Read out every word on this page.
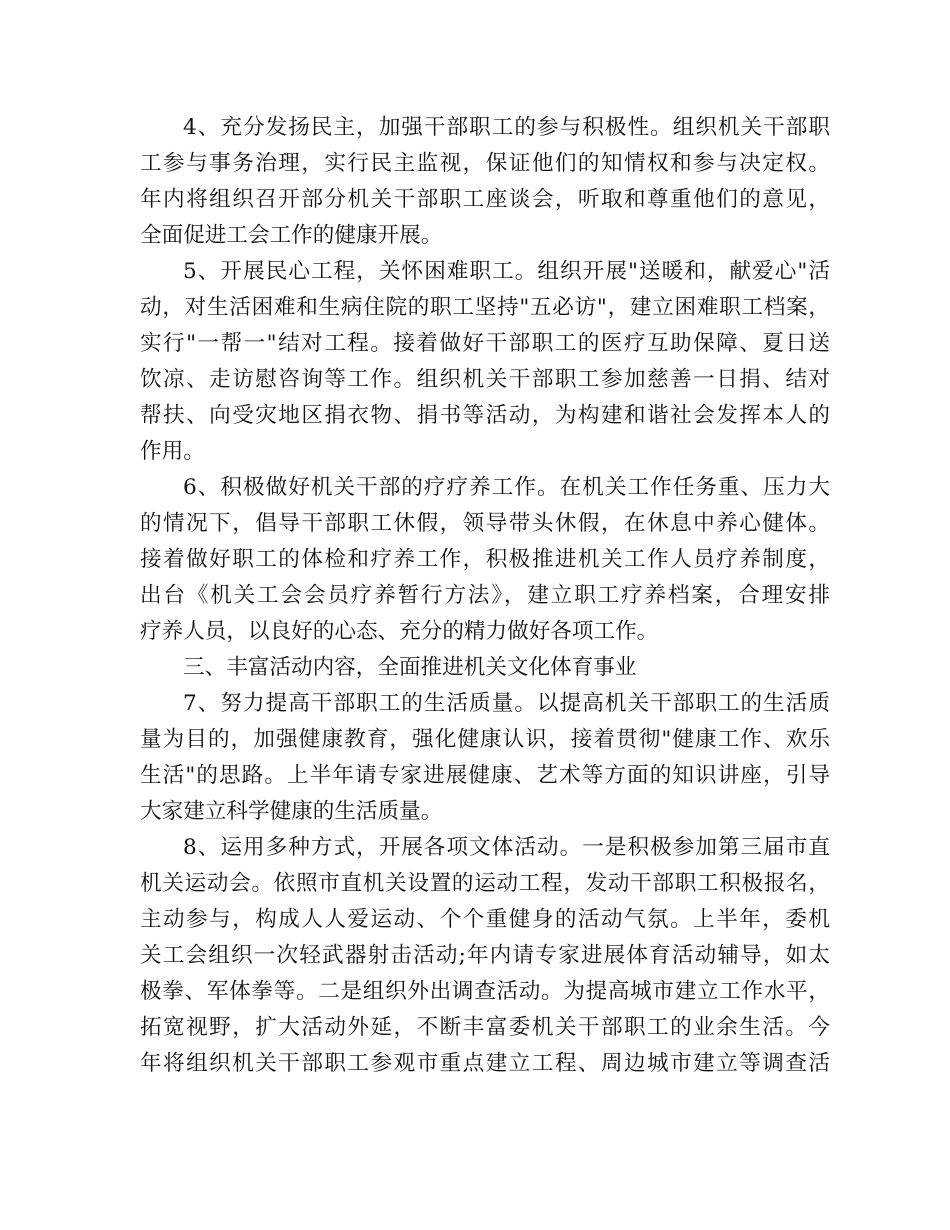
4、充分发扬民主，加强干部职工的参与积极性。组织机关干部职
工参与事务治理，实行民主监视，保证他们的知情权和参与决定权。
年内将组织召开部分机关干部职工座谈会，听取和尊重他们的意见，
全面促进工会工作的健康开展。
5、开展民心工程，关怀困难职工。组织开展"送暖和，献爱心"活
动，对生活困难和生病住院的职工坚持"五必访"，建立困难职工档案，
实行"一帮一"结对工程。接着做好干部职工的医疗互助保障、夏日送
饮凉、走访慰咨询等工作。组织机关干部职工参加慈善一日捐、结对
帮扶、向受灾地区捐衣物、捐书等活动，为构建和谐社会发挥本人的
作用。
6、积极做好机关干部的疗疗养工作。在机关工作任务重、压力大
的情况下，倡导干部职工休假，领导带头休假，在休息中养心健体。
接着做好职工的体检和疗养工作，积极推进机关工作人员疗养制度，
出台《机关工会会员疗养暂行方法》，建立职工疗养档案，合理安排
疗养人员，以良好的心态、充分的精力做好各项工作。
三、丰富活动内容，全面推进机关文化体育事业
7、努力提高干部职工的生活质量。以提高机关干部职工的生活质
量为目的，加强健康教育，强化健康认识，接着贯彻"健康工作、欢乐
生活"的思路。上半年请专家进展健康、艺术等方面的知识讲座，引导
大家建立科学健康的生活质量。
8、运用多种方式，开展各项文体活动。一是积极参加第三届市直
机关运动会。依照市直机关设置的运动工程，发动干部职工积极报名，
主动参与，构成人人爱运动、个个重健身的活动气氛。上半年，委机
关工会组织一次轻武器射击活动;年内请专家进展体育活动辅导，如太
极拳、军体拳等。二是组织外出调查活动。为提高城市建立工作水平，
拓宽视野，扩大活动外延，不断丰富委机关干部职工的业余生活。今
年将组织机关干部职工参观市重点建立工程、周边城市建立等调查活
